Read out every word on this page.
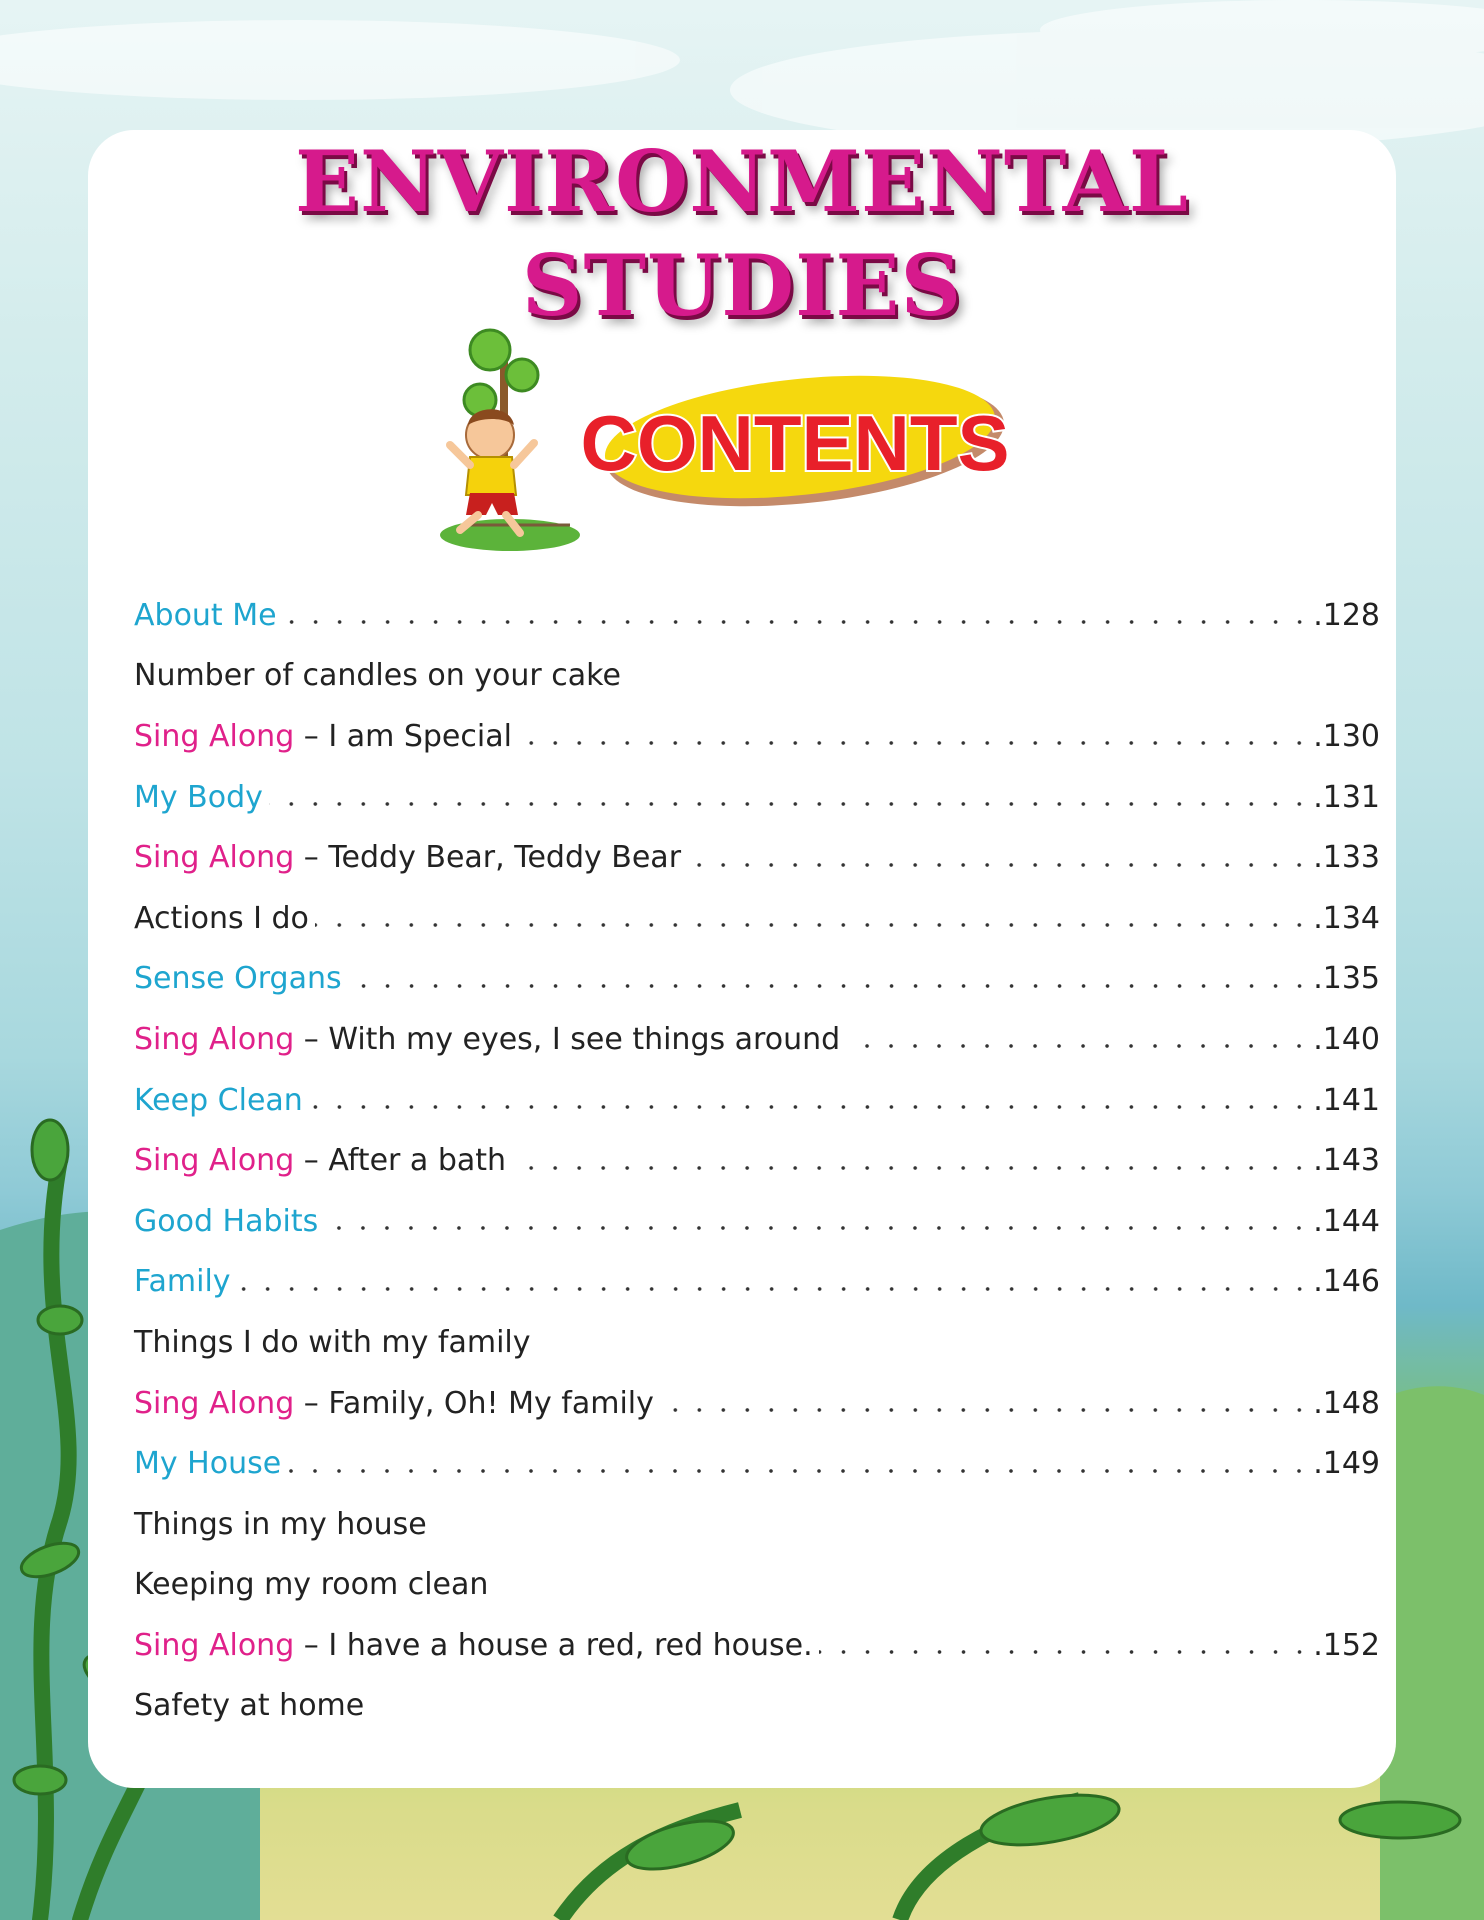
ENVIRONMENTAL
STUDIES
CONTENTS
About Me	.128
Number of candles on your cake
Sing Along – I am Special	.130
My Body	.131
Sing Along – Teddy Bear, Teddy Bear	.133
Actions I do	.134
Sense Organs	.135
Sing Along – With my eyes, I see things around	.140
Keep Clean	.141
Sing Along – After a bath	.143
Good Habits	.144
Family	.146
Things I do with my family
Sing Along – Family, Oh! My family	.148
My House	.149
Things in my house
Keeping my room clean
Sing Along – I have a house a red, red house.	.152
Safety at home
